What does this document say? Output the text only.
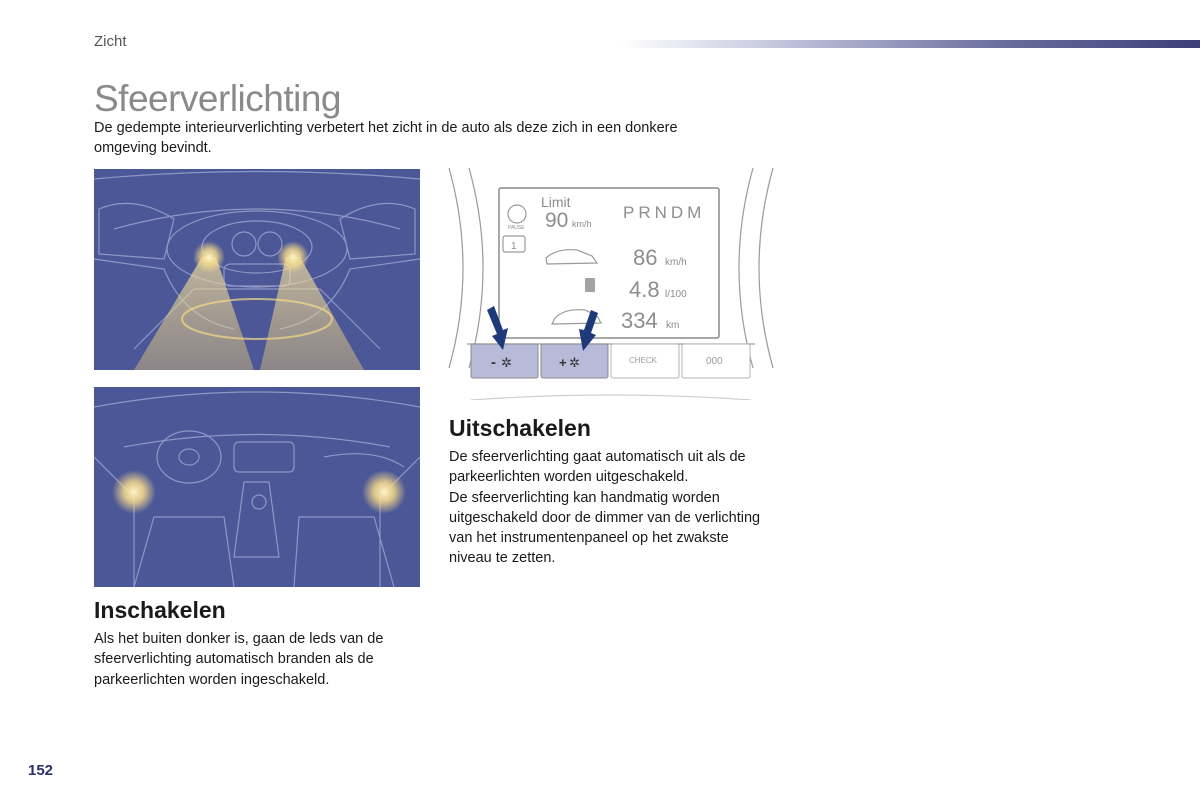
Zicht
Sfeerverlichting
De gedempte interieurverlichting verbetert het zicht in de auto als deze zich in een donkere omgeving bevindt.
Limit
90 km/h
PAUSE
1
PRNDM
86 km/h
4.8 l/100
334 km
-	+
✲	✲	CHECK	000
Uitschakelen
De sfeerverlichting gaat automatisch uit als de parkeerlichten worden uitgeschakeld.
De sfeerverlichting kan handmatig worden uitgeschakeld door de dimmer van de verlichting van het instrumentenpaneel op het zwakste niveau te zetten.
Inschakelen
Als het buiten donker is, gaan de leds van de sfeerverlichting automatisch branden als de parkeerlichten worden ingeschakeld.
152
